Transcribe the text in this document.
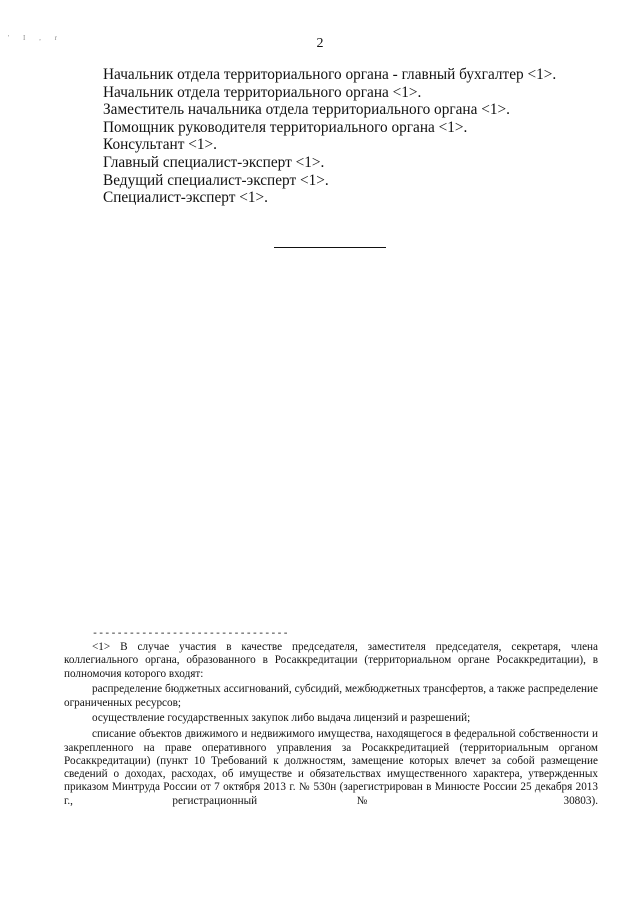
' I , r	2
Начальник отдела территориального органа - главный бухгалтер <1>.
Начальник отдела территориального органа <1>.
Заместитель начальника отдела территориального органа <1>.
Помощник руководителя территориального органа <1>.
Консультант <1>.
Главный специалист-эксперт <1>.
Ведущий специалист-эксперт <1>.
Специалист-эксперт <1>.
--------------------------------

<1> В случае участия в качестве председателя, заместителя председателя, секретаря, члена коллегиального органа, образованного в Росаккредитации (территориальном органе Росаккредитации), в полномочия которого входят:

распределение бюджетных ассигнований, субсидий, межбюджетных трансфертов, а также распределение ограниченных ресурсов;

осуществление государственных закупок либо выдача лицензий и разрешений;

списание объектов движимого и недвижимого имущества, находящегося в федеральной собственности и закрепленного на праве оперативного управления за Росаккредитацией (территориальным органом Росаккредитации) (пункт 10 Требований к должностям, замещение которых влечет за собой размещение сведений о доходах, расходах, об имуществе и обязательствах имущественного характера, утвержденных приказом Минтруда России от 7 октября 2013 г. № 530н (зарегистрирован в Минюсте России 25 декабря 2013 г., регистрационный № 30803).
